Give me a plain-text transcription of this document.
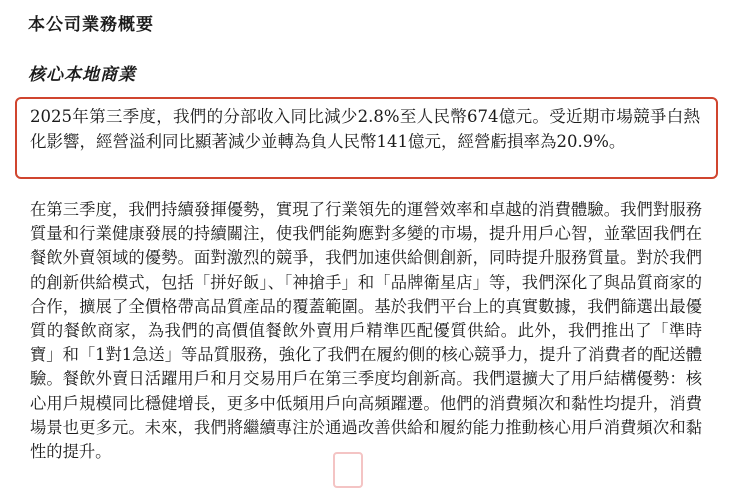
本公司業務概要
核心本地商業

2025年第三季度，我們的分部收入同比減少2.8%至人民幣674億元。受近期市場競爭白熱化影響，經營溢利同比顯著減少並轉為負人民幣141億元，經營虧損率為20.9%。

在第三季度，我們持續發揮優勢，實現了行業領先的運營效率和卓越的消費體驗。我們對服務質量和行業健康發展的持續關注，使我們能夠應對多變的市場，提升用戶心智，並鞏固我們在餐飲外賣領域的優勢。面對激烈的競爭，我們加速供給側創新，同時提升服務質量。對於我們的創新供給模式，包括「拼好飯」、「神搶手」和「品牌衛星店」等，我們深化了與品質商家的合作，擴展了全價格帶高品質產品的覆蓋範圍。基於我們平台上的真實數據，我們篩選出最優質的餐飲商家，為我們的高價值餐飲外賣用戶精準匹配優質供給。此外，我們推出了「準時寶」和「1對1急送」等品質服務，強化了我們在履約側的核心競爭力，提升了消費者的配送體驗。餐飲外賣日活躍用戶和月交易用戶在第三季度均創新高。我們還擴大了用戶結構優勢：核心用戶規模同比穩健增長，更多中低頻用戶向高頻躍遷。他們的消費頻次和黏性均提升，消費場景也更多元。未來，我們將繼續專注於通過改善供給和履約能力推動核心用戶消費頻次和黏性的提升。
